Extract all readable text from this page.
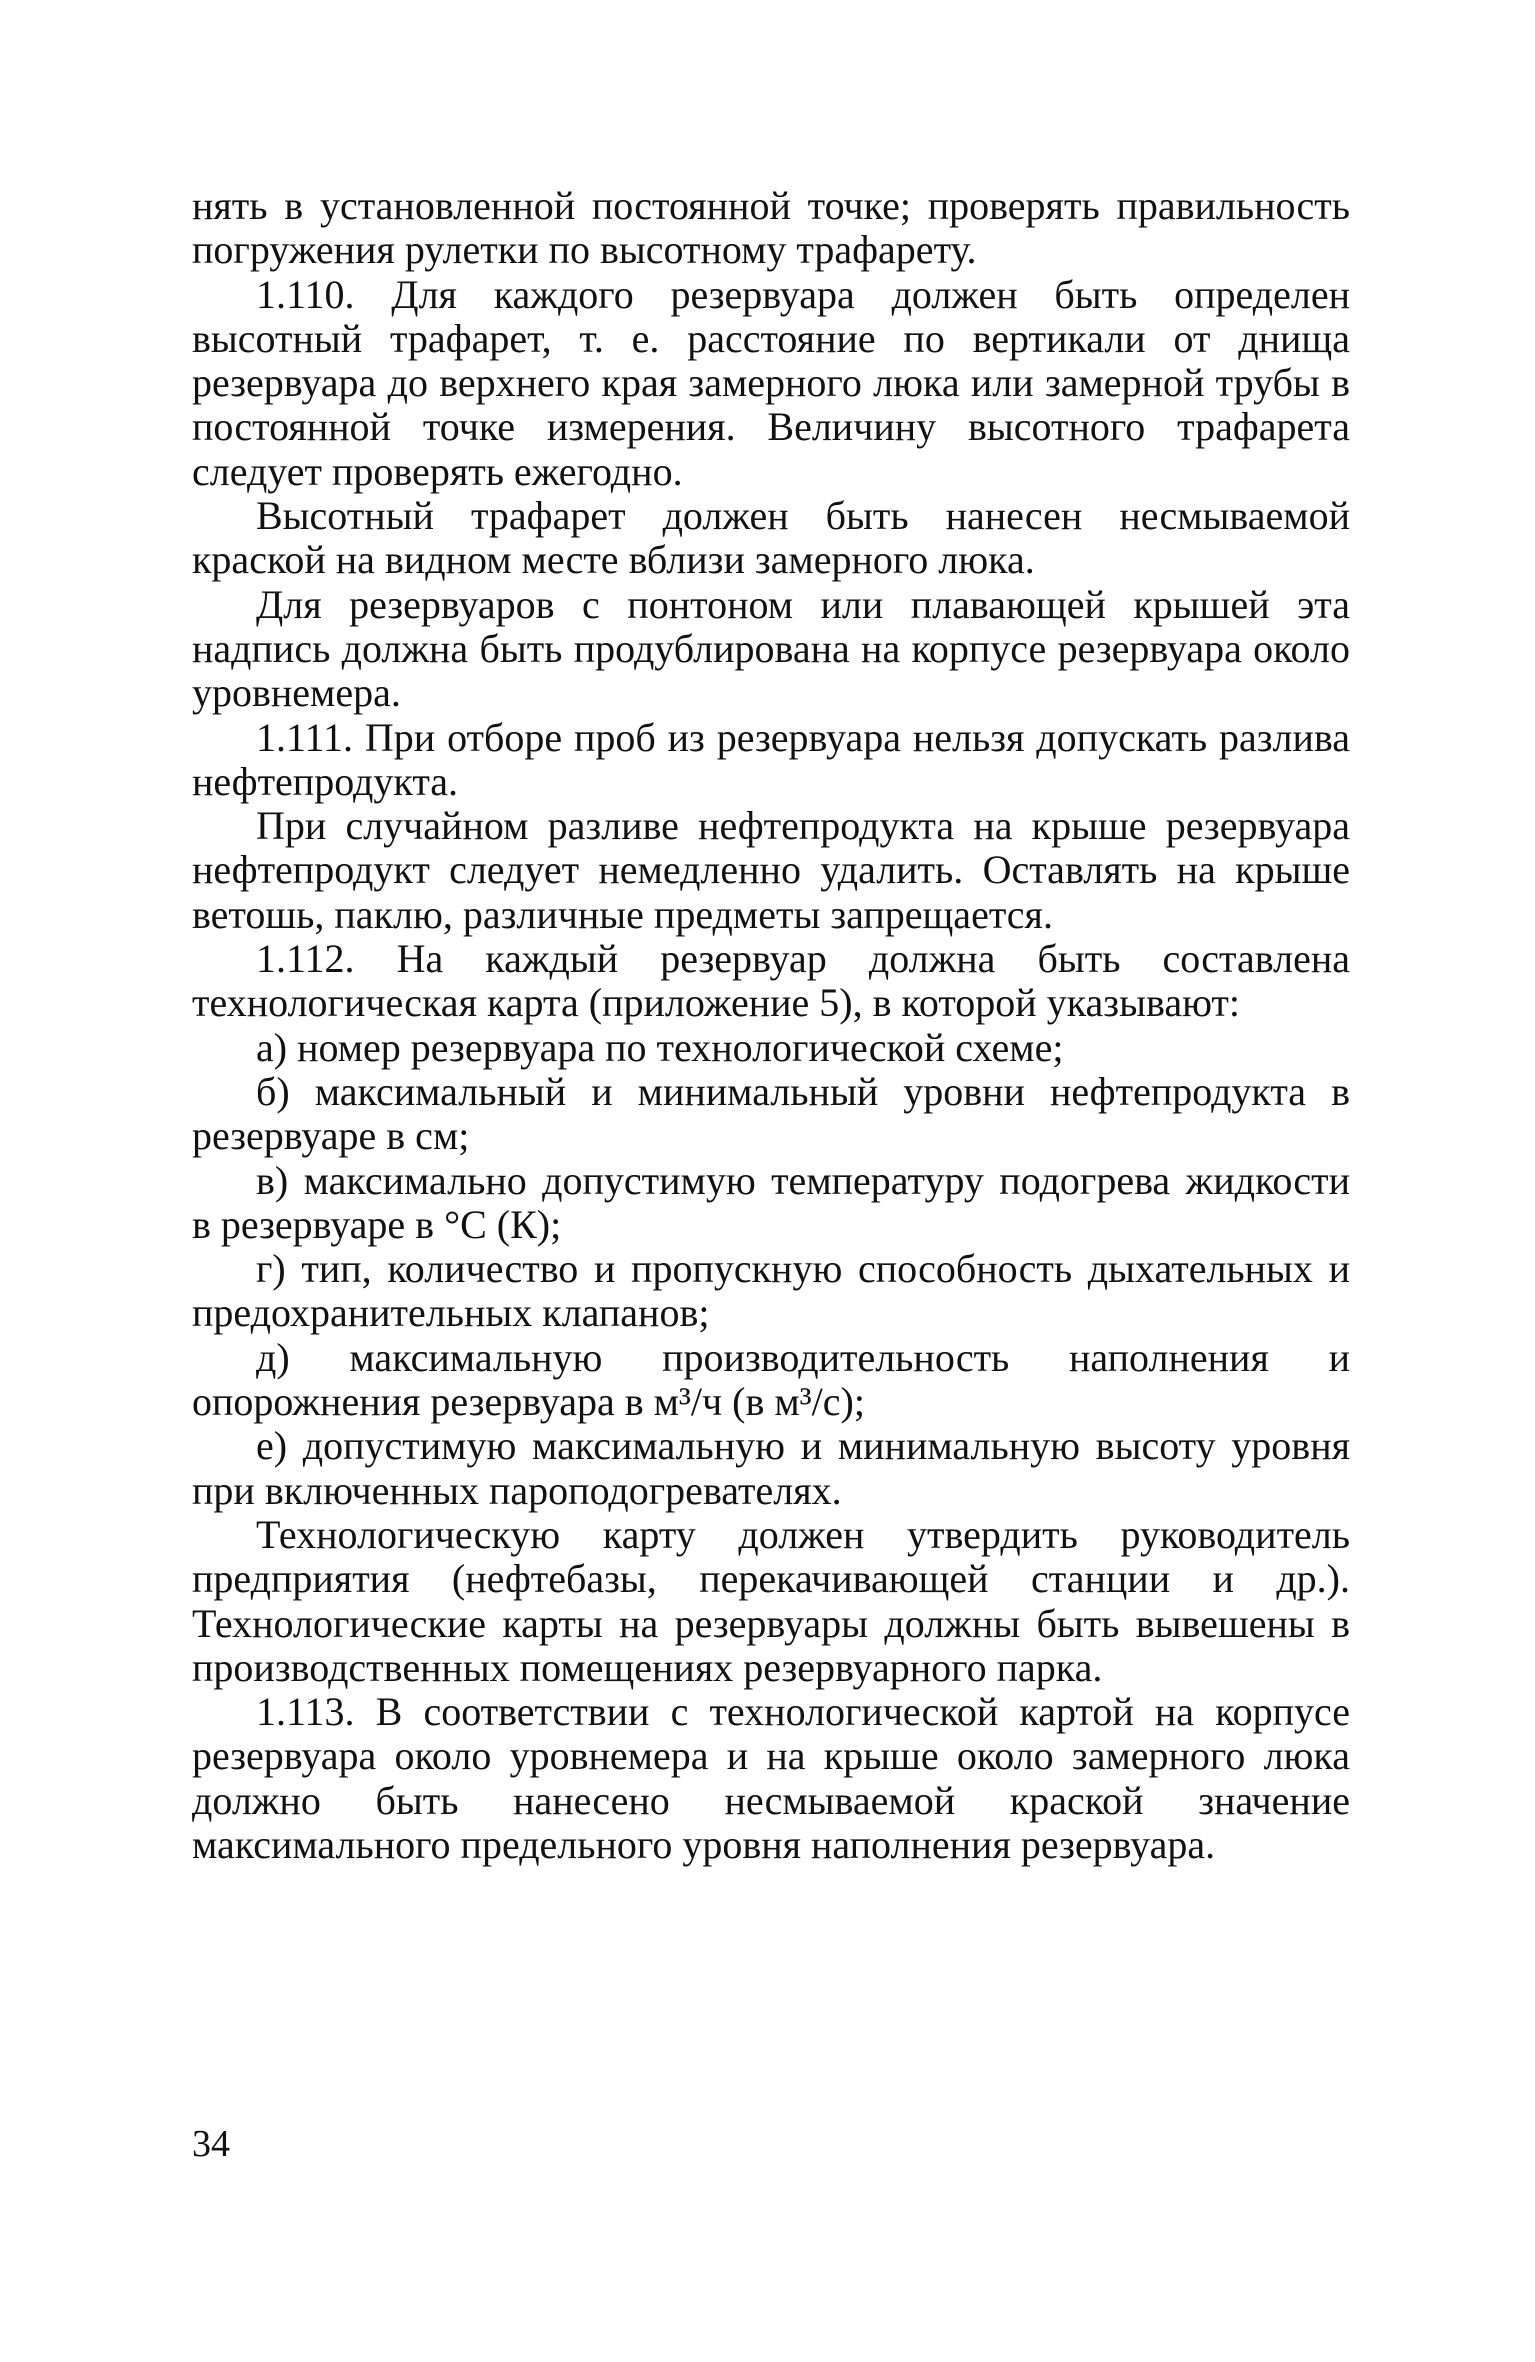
нять в установленной постоянной точке; проверять правильность погружения рулетки по высотному трафарету.

1.110. Для каждого резервуара должен быть определен высотный трафарет, т. е. расстояние по вертикали от днища резервуара до верхнего края замерного люка или замерной трубы в постоянной точке измерения. Величину высотного трафарета следует проверять ежегодно.

Высотный трафарет должен быть нанесен несмываемой краской на видном месте вблизи замерного люка.

Для резервуаров с понтоном или плавающей крышей эта надпись должна быть продублирована на корпусе резервуара около уровнемера.

1.111. При отборе проб из резервуара нельзя допускать разлива нефтепродукта.

При случайном разливе нефтепродукта на крыше резервуара нефтепродукт следует немедленно удалить. Оставлять на крыше ветошь, паклю, различные предметы запрещается.

1.112. На каждый резервуар должна быть составлена технологическая карта (приложение 5), в которой указывают:

а) номер резервуара по технологической схеме;

б) максимальный и минимальный уровни нефтепродукта в резервуаре в см;

в) максимально допустимую температуру подогрева жидкости в резервуаре в °С (К);

г) тип, количество и пропускную способность дыхательных и предохранительных клапанов;

д) максимальную производительность наполнения и опорожнения резервуара в м³/ч (в м³/с);

е) допустимую максимальную и минимальную высоту уровня при включенных пароподогревателях.

Технологическую карту должен утвердить руководитель предприятия (нефтебазы, перекачивающей станции и др.). Технологические карты на резервуары должны быть вывешены в производственных помещениях резервуарного парка.

1.113. В соответствии с технологической картой на корпусе резервуара около уровнемера и на крыше около замерного люка должно быть нанесено несмываемой краской значение максимального предельного уровня наполнения резервуара.

34
